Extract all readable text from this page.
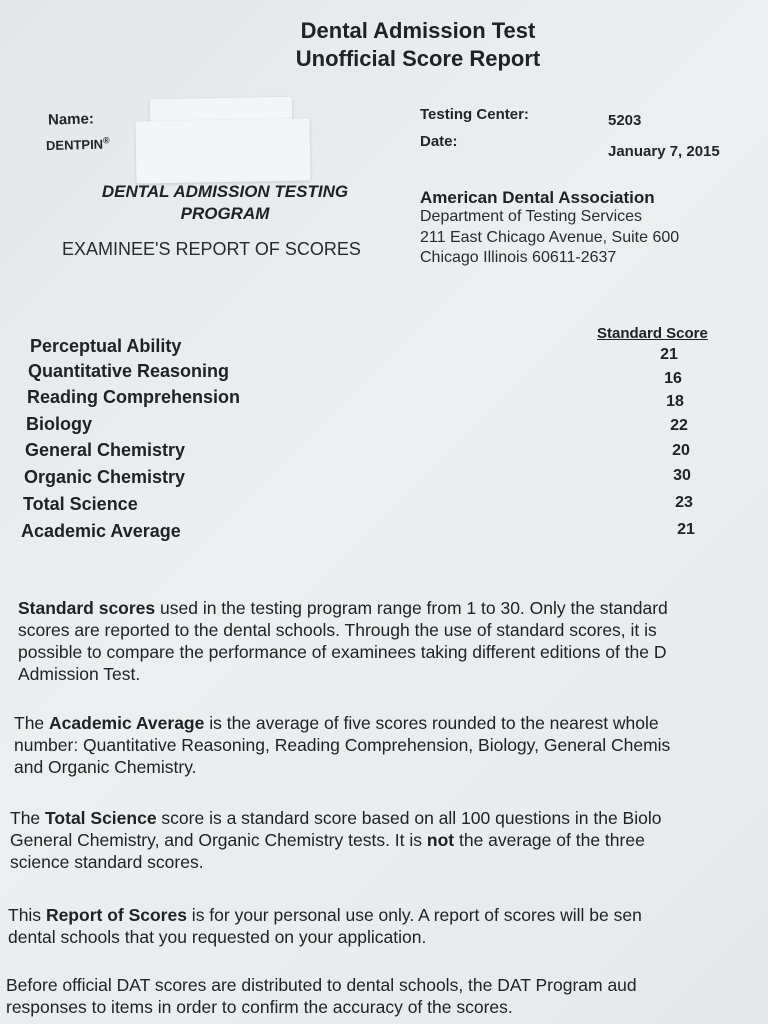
Dental Admission Test
Unofficial Score Report
Name:
DENTPIN®
Testing Center:	5203
Date:
January 7, 2015
DENTAL ADMISSION TESTING
PROGRAM
EXAMINEE'S REPORT OF SCORES
American Dental Association
Department of Testing Services
211 East Chicago Avenue, Suite 600
Chicago Illinois 60611-2637
Standard Score
Perceptual Ability	21
Quantitative Reasoning	16
Reading Comprehension	18
Biology	22
General Chemistry	20
Organic Chemistry	30
Total Science	23
Academic Average	21
Standard scores used in the testing program range from 1 to 30. Only the standard
scores are reported to the dental schools. Through the use of standard scores, it is
possible to compare the performance of examinees taking different editions of the D
Admission Test.
The Academic Average is the average of five scores rounded to the nearest whole
number: Quantitative Reasoning, Reading Comprehension, Biology, General Chemis
and Organic Chemistry.
The Total Science score is a standard score based on all 100 questions in the Biolo
General Chemistry, and Organic Chemistry tests. It is not the average of the three
science standard scores.
This Report of Scores is for your personal use only. A report of scores will be sen
dental schools that you requested on your application.
Before official DAT scores are distributed to dental schools, the DAT Program aud
responses to items in order to confirm the accuracy of the scores.
